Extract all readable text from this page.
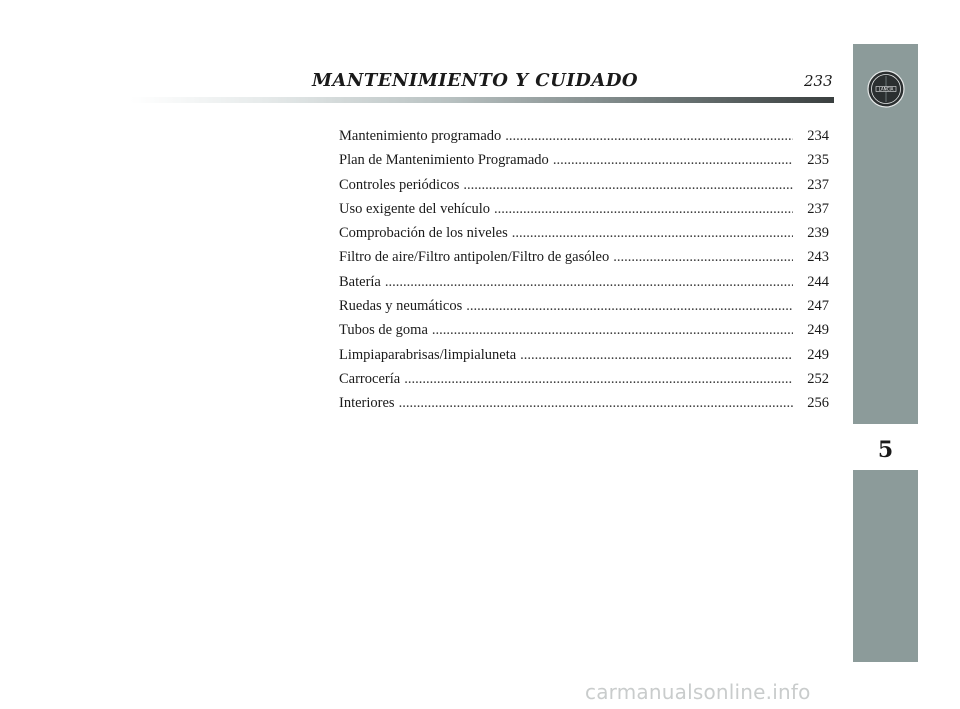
MANTENIMIENTO Y CUIDADO	233
5
LANCIA
Mantenimiento programado .....	234
Plan de Mantenimiento Programado .....	235
Controles periódicos .....	237
Uso exigente del vehículo .....	237
Comprobación de los niveles .....	239
Filtro de aire/Filtro antipolen/Filtro de gasóleo .....	243
Batería .....	244
Ruedas y neumáticos .....	247
Tubos de goma .....	249
Limpiaparabrisas/limpialuneta .....	249
Carrocería .....	252
Interiores .....	256
carmanualsonline.info
